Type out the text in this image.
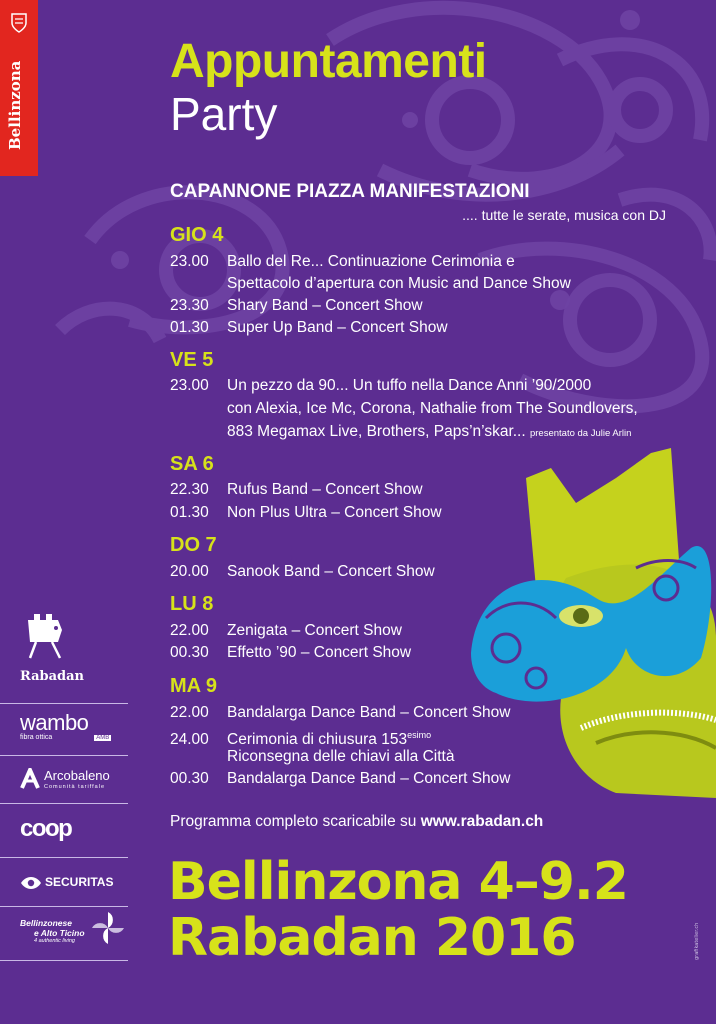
Bellinzona	Appuntamenti
Party
CAPANNONE PIAZZA MANIFESTAZIONI
.... tutte le serate, musica con DJ
GIO 4
23.00 Ballo del Re... Continuazione Cerimonia e
Spettacolo d’apertura con Music and Dance Show
23.30 Shary Band – Concert Show
01.30 Super Up Band – Concert Show
VE 5
23.00 Un pezzo da 90... Un tuffo nella Dance Anni ’90/2000
con Alexia, Ice Mc, Corona, Nathalie from The Soundlovers,
883 Megamax Live, Brothers, Paps’n’skar... presentato da Julie Arlin
SA 6
22.30 Rufus Band – Concert Show
01.30 Non Plus Ultra – Concert Show
DO 7
20.00 Sanook Band – Concert Show
LU 8
22.00 Zenigata – Concert Show
00.30 Effetto ’90 – Concert Show
MA 9
22.00 Bandalarga Dance Band – Concert Show
24.00 Cerimonia di chiusura $153^{esimo}$
Riconsegna delle chiavi alla Città
00.30 Bandalarga Dance Band – Concert Show
Programma completo scaricabile su www.rabadan.ch
Bellinzona 4–9.2
Rabadan 2016	grafikatelier.ch
Rabadan
wambo
fibra ottica	AMB
Arcobaleno
Comunità tariffale
coop
SECURITAS
Bellinzonese
e Alto Ticino
4 authentic living
